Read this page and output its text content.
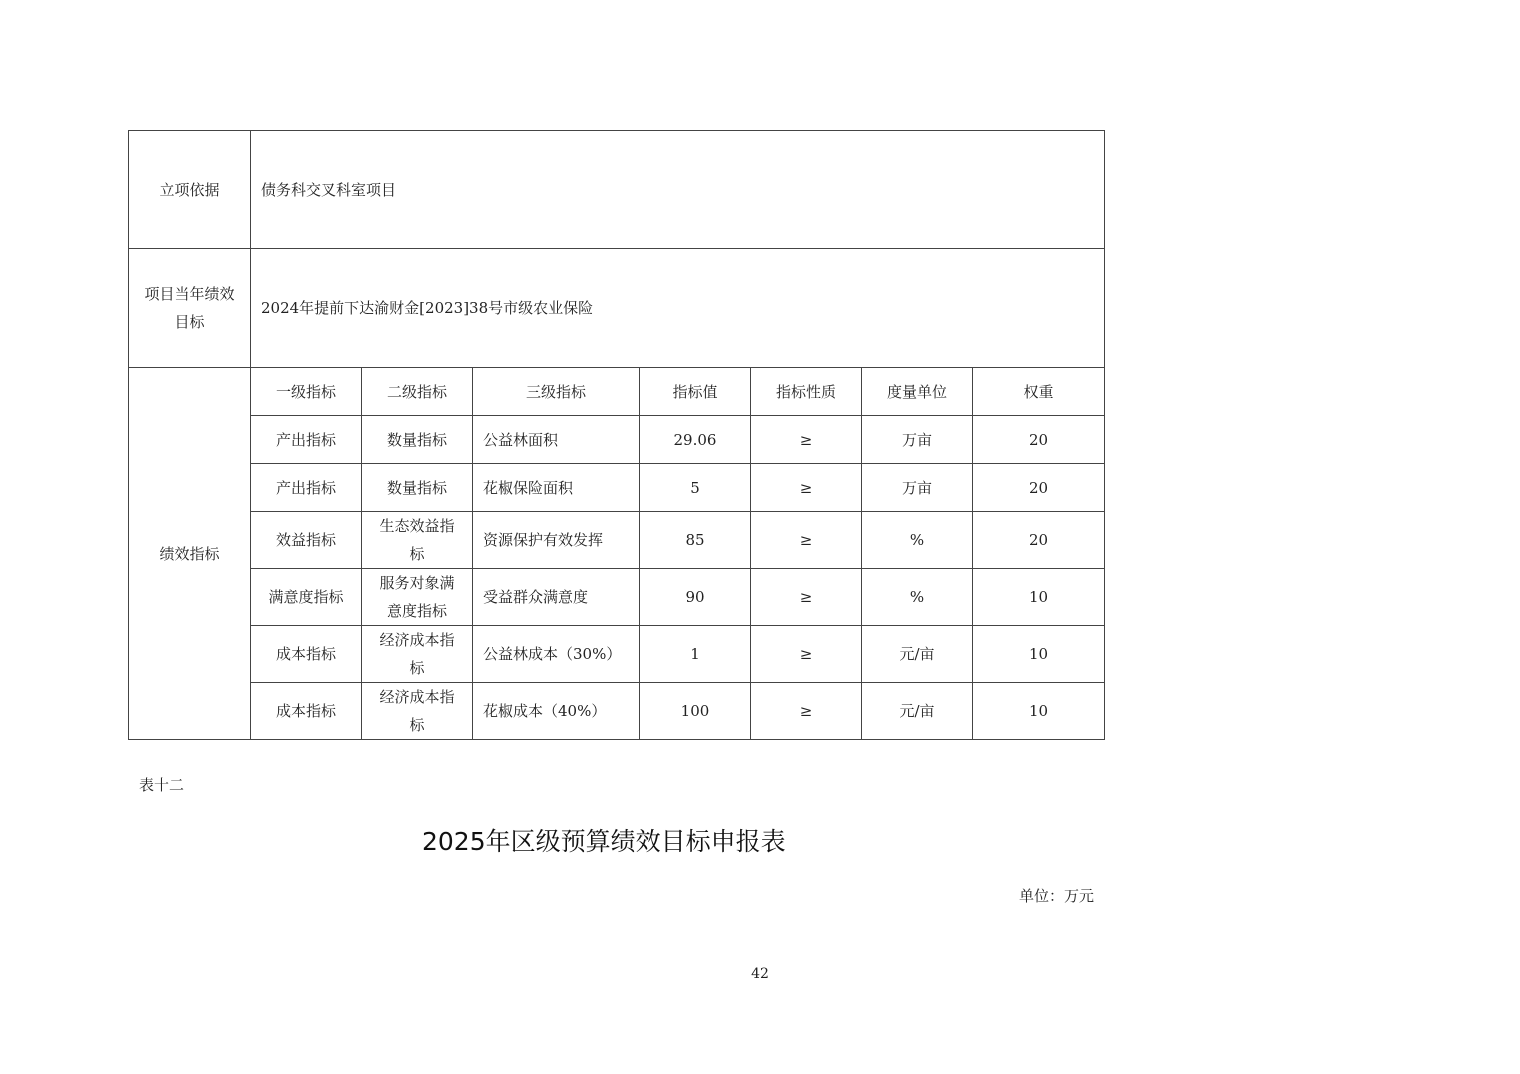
立项依据	债务科交叉科室项目						
项目当年绩效目标	2024年提前下达渝财金[2023]38号市级农业保险						
绩效指标	一级指标	二级指标	三级指标	指标值	指标性质	度量单位	权重
	产出指标	数量指标	公益林面积	29.06	≥	万亩	20
	产出指标	数量指标	花椒保险面积	5	≥	万亩	20
	效益指标	生态效益指标	资源保护有效发挥	85	≥	%	20
	满意度指标	服务对象满意度指标	受益群众满意度	90	≥	%	10
	成本指标	经济成本指标	公益林成本（30%）	1	≥	元/亩	10
	成本指标	经济成本指标	花椒成本（40%）	100	≥	元/亩	10
表十二
2025年区级预算绩效目标申报表
单位：万元
42
